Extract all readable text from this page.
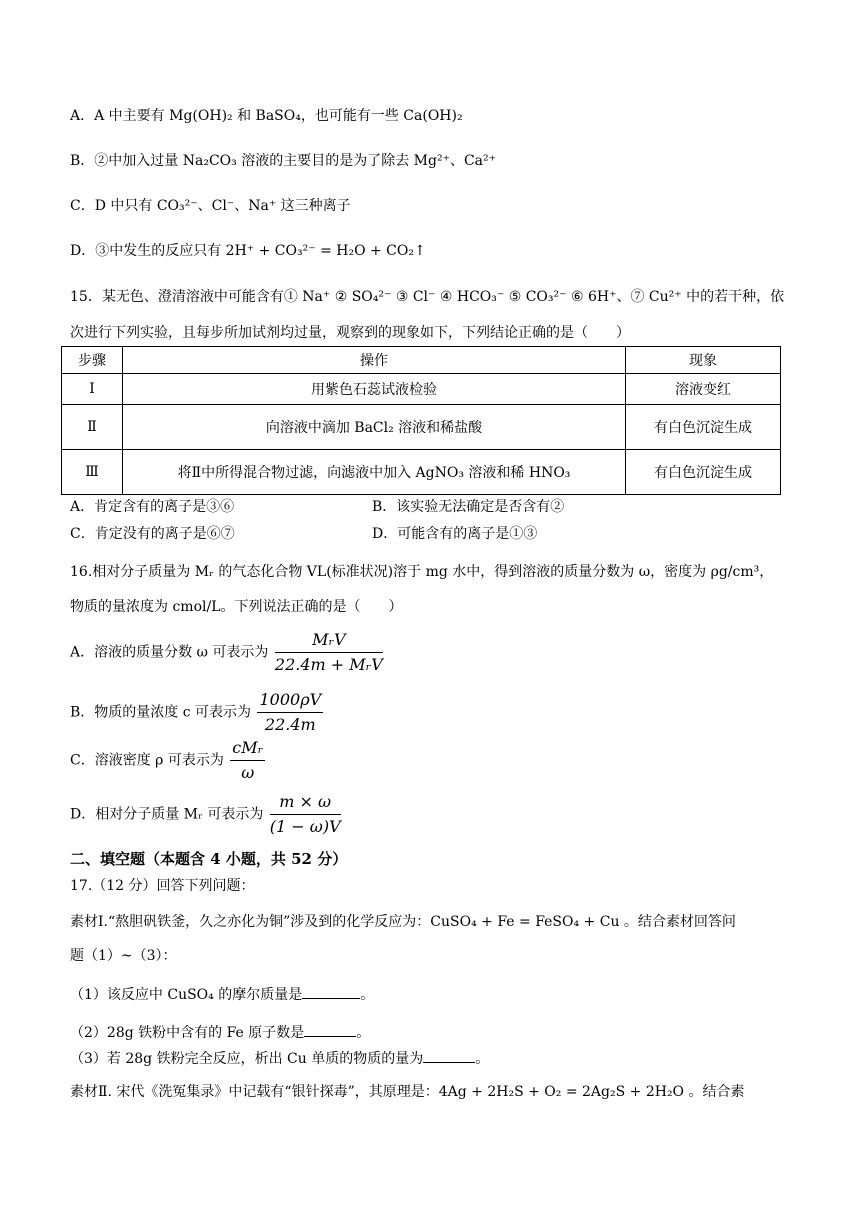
A．A 中主要有 Mg(OH)₂ 和 BaSO₄，也可能有一些 Ca(OH)₂
B．②中加入过量 Na₂CO₃ 溶液的主要目的是为了除去 Mg²⁺、Ca²⁺
C．D 中只有 CO₃²⁻、Cl⁻、Na⁺ 这三种离子
D．③中发生的反应只有 2H⁺ + CO₃²⁻ = H₂O + CO₂↑
15．某无色、澄清溶液中可能含有① Na⁺ ② SO₄²⁻ ③ Cl⁻ ④ HCO₃⁻ ⑤ CO₃²⁻ ⑥ 6H⁺、⑦ Cu²⁺ 中的若干种，依
次进行下列实验，且每步所加试剂均过量，观察到的现象如下，下列结论正确的是（　　）
步骤	操作	现象
Ⅰ	用紫色石蕊试液检验	溶液变红
Ⅱ	向溶液中滴加 BaCl₂ 溶液和稀盐酸	有白色沉淀生成
Ⅲ	将Ⅱ中所得混合物过滤，向滤液中加入 AgNO₃ 溶液和稀 HNO₃	有白色沉淀生成
A．肯定含有的离子是③⑥	B．该实验无法确定是否含有②
C．肯定没有的离子是⑥⑦	D．可能含有的离子是①③
16.相对分子质量为 Mᵣ 的气态化合物 VL(标准状况)溶于 mg 水中，得到溶液的质量分数为 ω，密度为 ρg/cm³，
物质的量浓度为 cmol/L。下列说法正确的是（　　）
A．溶液的质量分数 ω 可表示为 $\frac{\text{MᵣV}}{\text{22.4m + MᵣV}}$
B．物质的量浓度 c 可表示为 $\frac{1000\rho V}{22.4m}$
C．溶液密度 ρ 可表示为 $\frac{\text{cMᵣ}}{\omega}$
D．相对分子质量 Mᵣ 可表示为 $\frac{m \times \omega}{(1 - \omega)V}$
二、填空题（本题含 4 小题，共 52 分）
17.（12 分）回答下列问题：
素材Ⅰ.“熬胆矾铁釜，久之亦化为铜”涉及到的化学反应为：CuSO₄ + Fe = FeSO₄ + Cu 。结合素材回答问
题（1）~（3）：
（1）该反应中 CuSO₄ 的摩尔质量是	。
（2）28g 铁粉中含有的 Fe 原子数是	。
（3）若 28g 铁粉完全反应，析出 Cu 单质的物质的量为	。
素材Ⅱ. 宋代《洗冤集录》中记载有“银针探毒”，其原理是：4Ag + 2H₂S + O₂ = 2Ag₂S + 2H₂O 。结合素
